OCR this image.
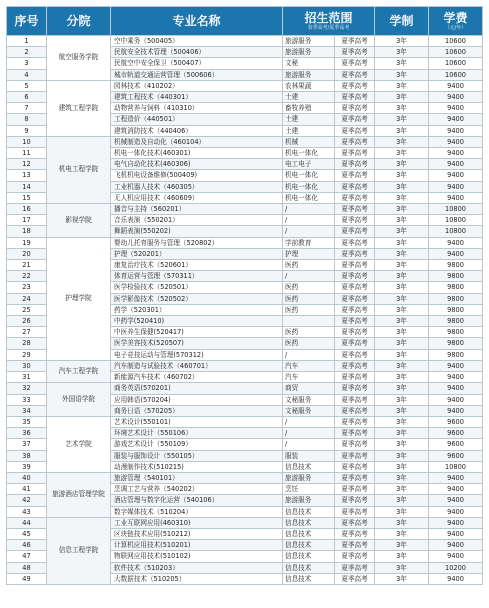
序号	分院	专业名称	招生范围
春季高考/夏季高考		学制	学费
（元/年）

1	航空服务学院	空中乘务（500405）	旅游服务	夏季高考	3年	10600
2		民航安全技术管理（500406）	旅游服务	夏季高考	3年	10600
3		民航空中安全保卫（500407）	文秘	夏季高考	3年	10600
4		城市轨道交通运营管理（500606）	旅游服务	夏季高考	3年	10600
5	建筑工程学院	园林技术（410202）	农林果蔬	夏季高考	3年	9400
6		建筑工程技术（440301）	土建	夏季高考	3年	9400
7		动物营养与饲料（410310）	畜牧养殖	夏季高考	3年	9400
8		工程造价（440501）	土建	夏季高考	3年	9400
9		建筑消防技术（440406）	土建	夏季高考	3年	9400
10	机电工程学院	机械制造及自动化（460104）	机械	夏季高考	3年	9400
11		机电一体化技术(460301)	机电一体化	夏季高考	3年	9400
12		电气自动化技术(460306)	电工电子	夏季高考	3年	9400
13		飞机机电设备维修(500409)	机电一体化	夏季高考	3年	9400
14		工业机器人技术（460305）	机电一体化	夏季高考	3年	9400
15		无人机应用技术（460609）	机电一体化	夏季高考	3年	9400
16	影视学院	播音与主持（560201）	/	夏季高考	3年	10800
17		音乐表演（550201）	/	夏季高考	3年	10800
18		舞蹈表演(550202)	/	夏季高考	3年	10800
19	护理学院	婴幼儿托育服务与管理（520802）	学前教育	夏季高考	3年	9400
20		护理（520201）	护理	夏季高考	3年	9400
21		康复治疗技术（520601）	医药	夏季高考	3年	9800
22		体育运营与管理（570311）	/	夏季高考	3年	9800
23		医学检验技术（520501）	医药	夏季高考	3年	9800
24		医学影像技术（520502）	医药	夏季高考	3年	9800
25		药学（520301）	医药	夏季高考	3年	9800
26		中药学(520410)		夏季高考	3年	9800
27		中医养生保健(520417)	医药	夏季高考	3年	9800
28		医学美容技术(520507)	医药	夏季高考	3年	9800
29		电子竞技运动与管理(570312)	/	夏季高考	3年	9800
30	汽车工程学院	汽车制造与试验技术（460701）	汽车	夏季高考	3年	9400
31		新能源汽车技术（460702）	汽车	夏季高考	3年	9400
32	外国语学院	商务英语(570201)	商贸	夏季高考	3年	9400
33		应用韩语(570204)	文秘服务	夏季高考	3年	9400
34		商务日语（570205）	文秘服务	夏季高考	3年	9400
35	艺术学院	艺术设计(550101)	/	夏季高考	3年	9600
36		环境艺术设计（550106）	/	夏季高考	3年	9600
37		游戏艺术设计（550109）	/	夏季高考	3年	9600
38		服装与服饰设计（550105）	服装	夏季高考	3年	9600
39		动漫制作技术(510215)	信息技术	夏季高考	3年	10800
40	旅游酒店管理学院	旅游管理（540101）	旅游服务	夏季高考	3年	9400
41		烹调工艺与营养（540202）	烹饪	夏季高考	3年	9400
42		酒店管理与数字化运营（540106）	旅游服务	夏季高考	3年	9400
43		数字媒体技术（510204）	信息技术	夏季高考	3年	9400
44	信息工程学院	工业互联网应用(460310)	信息技术	夏季高考	3年	9400
45		区块链技术应用(510212)	信息技术	夏季高考	3年	9400
46		计算机应用技术(510201)	信息技术	夏季高考	3年	9400
47		物联网应用技术(510102)	信息技术	夏季高考	3年	9400
48		软件技术（510203）	信息技术	夏季高考	3年	10200
49		大数据技术（510205）	信息技术	夏季高考	3年	9400
